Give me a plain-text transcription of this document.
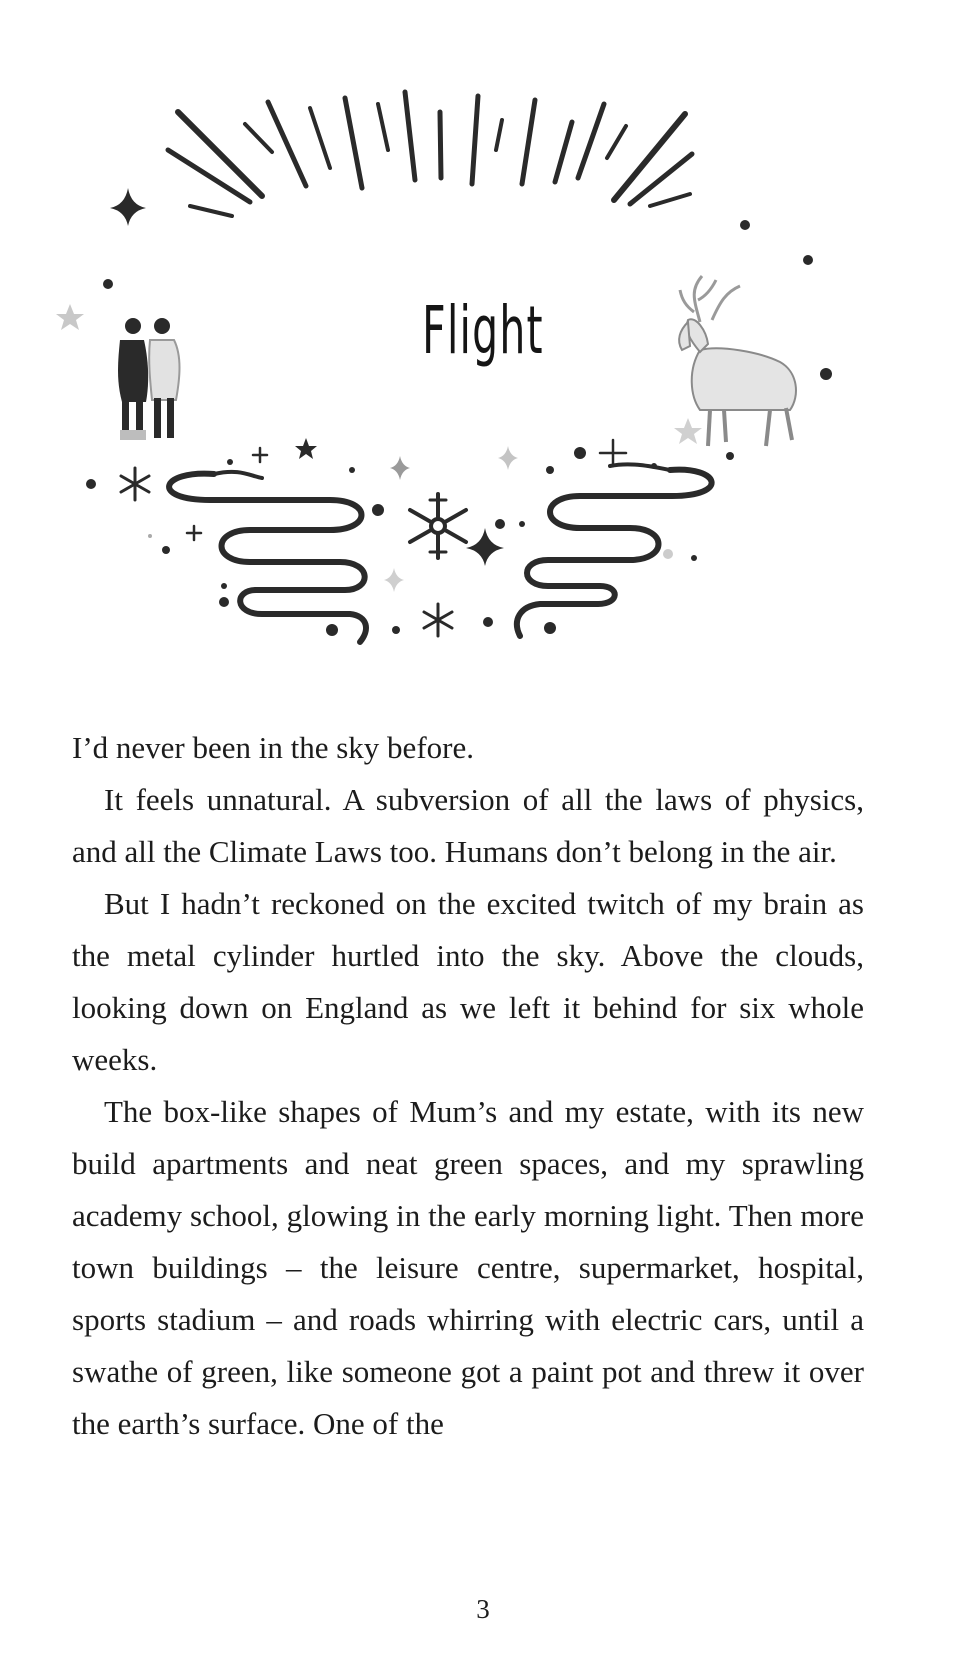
Flight

I’d never been in the sky before.

It feels unnatural. A subversion of all the laws of physics, and all the Climate Laws too. Humans don’t belong in the air.

But I hadn’t reckoned on the excited twitch of my brain as the metal cylinder hurtled into the sky. Above the clouds, looking down on England as we left it behind for six whole weeks.

The box-like shapes of Mum’s and my estate, with its new build apartments and neat green spaces, and my sprawling academy school, glowing in the early morning light. Then more town buildings – the leisure centre, supermarket, hospital, sports stadium – and roads whirring with electric cars, until a swathe of green, like someone got a paint pot and threw it over the earth’s surface. One of the

3
